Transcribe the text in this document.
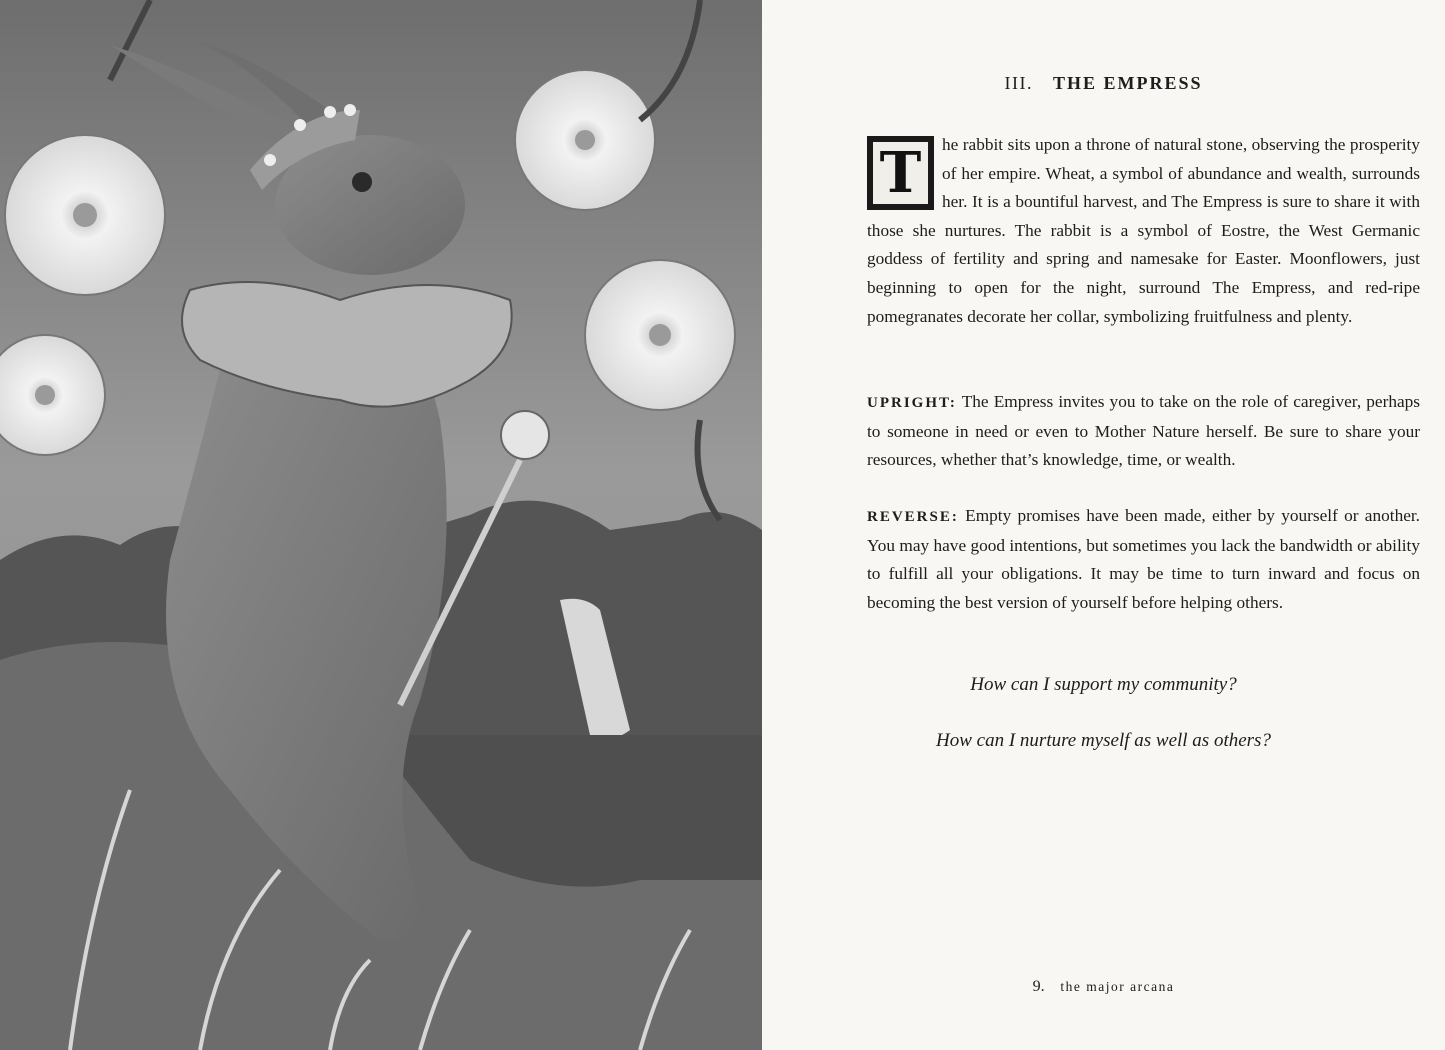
III. THE EMPRESS
T he rabbit sits upon a throne of natural stone, observing the prosperity of her empire. Wheat, a symbol of abundance and wealth, surrounds her. It is a bountiful harvest, and The Empress is sure to share it with those she nurtures. The rabbit is a symbol of Eostre, the West Germanic goddess of fertility and spring and namesake for Easter. Moonflowers, just beginning to open for the night, surround The Empress, and red-ripe pomegranates decorate her collar, symbolizing fruitfulness and plenty.
UPRIGHT: The Empress invites you to take on the role of caregiver, perhaps to someone in need or even to Mother Nature herself. Be sure to share your resources, whether that’s knowledge, time, or wealth.
REVERSE: Empty promises have been made, either by yourself or another. You may have good intentions, but sometimes you lack the bandwidth or ability to fulfill all your obligations. It may be time to turn inward and focus on becoming the best version of yourself before helping others.
How can I support my community?
How can I nurture myself as well as others?
9. the major arcana
